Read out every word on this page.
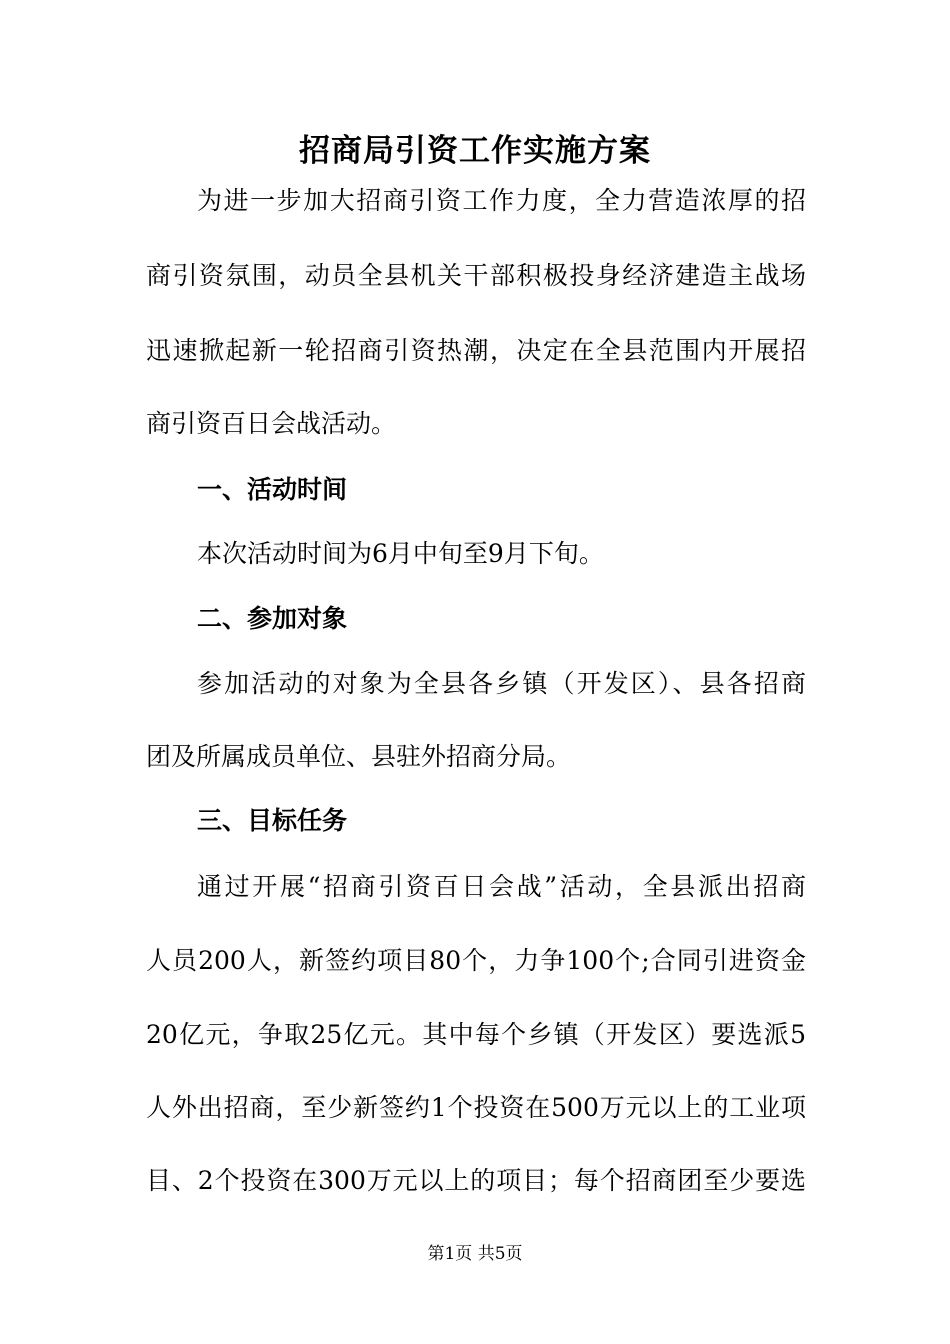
招商局引资工作实施方案
为进一步加大招商引资工作力度，全力营造浓厚的招
商引资氛围，动员全县机关干部积极投身经济建造主战场
迅速掀起新一轮招商引资热潮，决定在全县范围内开展招
商引资百日会战活动。
一、活动时间
本次活动时间为6月中旬至9月下旬。
二、参加对象
参加活动的对象为全县各乡镇（开发区）、县各招商
团及所属成员单位、县驻外招商分局。
三、目标任务
通过开展“招商引资百日会战”活动，全县派出招商
人员200人，新签约项目80个，力争100个;合同引进资金
20亿元，争取25亿元。其中每个乡镇（开发区）要选派5
人外出招商，至少新签约1个投资在500万元以上的工业项
目、2个投资在300万元以上的项目；每个招商团至少要选
第1页 共5页
